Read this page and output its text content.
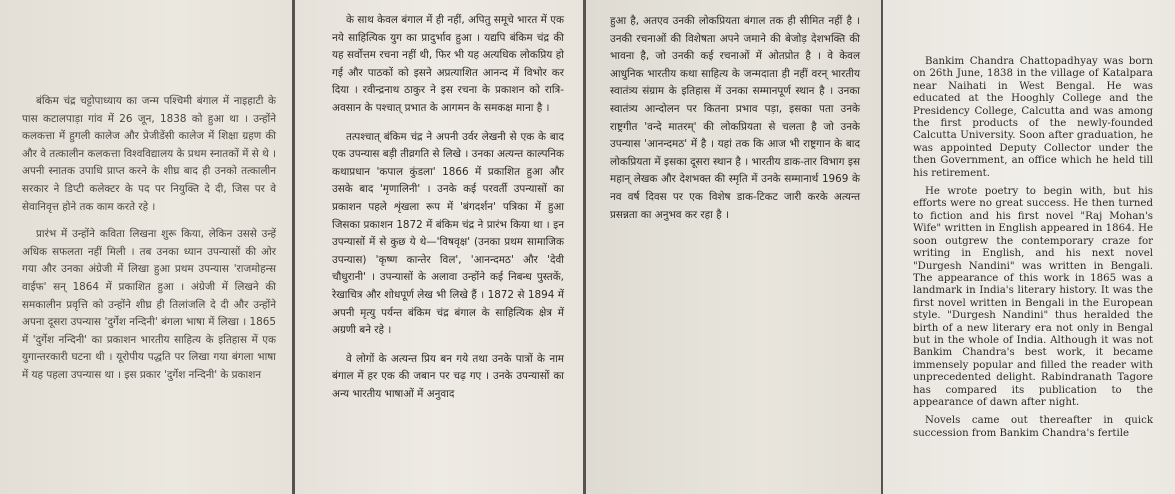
बंकिम चंद्र चट्टोपाध्याय का जन्म पश्चिमी बंगाल में नाइहाटी के पास कटालपाड़ा गांव में 26 जून, 1838 को हुआ था । उन्होंने कलकत्ता में हुगली कालेज और प्रेजीडेंसी कालेज में शिक्षा ग्रहण की और वे तत्कालीन कलकत्ता विश्वविद्यालय के प्रथम स्नातकों में से थे । अपनी स्नातक उपाधि प्राप्त करने के शीघ्र बाद ही उनको तत्कालीन सरकार ने डिप्टी कलेक्टर के पद पर नियुक्ति दे दी, जिस पर वे सेवानिवृत्त होने तक काम करते रहे ।

प्रारंभ में उन्होंने कविता लिखना शुरू किया, लेकिन उससे उन्हें अधिक सफलता नहीं मिली । तब उनका ध्यान उपन्यासों की ओर गया और उनका अंग्रेजी में लिखा हुआ प्रथम उपन्यास 'राजमोहन्स वाईफ' सन् 1864 में प्रकाशित हुआ । अंग्रेजी में लिखने की समकालीन प्रवृत्ति को उन्होंने शीघ्र ही तिलांजलि दे दी और उन्होंने अपना दूसरा उपन्यास 'दुर्गेश नन्दिनी' बंगला भाषा में लिखा । 1865 में 'दुर्गेश नन्दिनी' का प्रकाशन भारतीय साहित्य के इतिहास में एक युगान्तरकारी घटना थी । यूरोपीय पद्धति पर लिखा गया बंगला भाषा में यह पहला उपन्यास था । इस प्रकार 'दुर्गेश नन्दिनी' के प्रकाशन

के साथ केवल बंगाल में ही नहीं, अपितु समूचे भारत में एक नये साहित्यिक युग का प्रादुर्भाव हुआ । यद्यपि बंकिम चंद्र की यह सर्वोत्तम रचना नहीं थी, फिर भी यह अत्यधिक लोकप्रिय हो गई और पाठकों को इसने अप्रत्याशित आनन्द में विभोर कर दिया । रवीन्द्रनाथ ठाकुर ने इस रचना के प्रकाशन को रात्रि-अवसान के पश्चात् प्रभात के आगमन के समकक्ष माना है ।

तत्पश्चात् बंकिम चंद्र ने अपनी उर्वर लेखनी से एक के बाद एक उपन्यास बड़ी तीव्रगति से लिखे । उनका अत्यन्त काल्पनिक कथाप्रधान 'कपाल कुंडला' 1866 में प्रकाशित हुआ और उसके बाद 'मृणालिनी' । उनके कई परवर्ती उपन्यासों का प्रकाशन पहले शृंखला रूप में 'बंगदर्शन' पत्रिका में हुआ जिसका प्रकाशन 1872 में बंकिम चंद्र ने प्रारंभ किया था । इन उपन्यासों में से कुछ ये थे—'विषवृक्ष' (उनका प्रथम सामाजिक उपन्यास) 'कृष्ण कान्तेर विल', 'आनन्दमठ' और 'देवी चौधुरानी' । उपन्यासों के अलावा उन्होंने कई निबन्ध पुस्तकें, रेखाचित्र और शोधपूर्ण लेख भी लिखे हैं । 1872 से 1894 में अपनी मृत्यु पर्यन्त बंकिम चंद्र बंगाल के साहित्यिक क्षेत्र में अग्रणी बने रहे ।

वे लोगों के अत्यन्त प्रिय बन गये तथा उनके पात्रों के नाम बंगाल में हर एक की जबान पर चढ़ गए । उनके उपन्यासों का अन्य भारतीय भाषाओं में अनुवाद

हुआ है, अतएव उनकी लोकप्रियता बंगाल तक ही सीमित नहीं है । उनकी रचनाओं की विशेषता अपने जमाने की बेजोड़ देशभक्ति की भावना है, जो उनकी कई रचनाओं में ओतप्रोत है । वे केवल आधुनिक भारतीय कथा साहित्य के जन्मदाता ही नहीं वरन् भारतीय स्वातंत्र्य संग्राम के इतिहास में उनका सम्मानपूर्ण स्थान है । उनका स्वातंत्र्य आन्दोलन पर कितना प्रभाव पड़ा, इसका पता उनके राष्ट्रगीत 'वन्दे मातरम्' की लोकप्रियता से चलता है जो उनके उपन्यास 'आनन्दमठ' में है । यहां तक कि आज भी राष्ट्रगान के बाद लोकप्रियता में इसका दूसरा स्थान है । भारतीय डाक-तार विभाग इस महान् लेखक और देशभक्त की स्मृति में उनके सम्मानार्थ 1969 के नव वर्ष दिवस पर एक विशेष डाक-टिकट जारी करके अत्यन्त प्रसन्नता का अनुभव कर रहा है ।

Bankim Chandra Chattopadhyay was born on 26th June, 1838 in the village of Katalpara near Naihati in West Bengal. He was educated at the Hooghly College and the Presidency College, Calcutta and was among the first products of the newly-founded Calcutta University. Soon after graduation, he was appointed Deputy Collector under the then Government, an office which he held till his retirement.

He wrote poetry to begin with, but his efforts were no great success. He then turned to fiction and his first novel "Raj Mohan's Wife" written in English appeared in 1864. He soon outgrew the contemporary craze for writing in English, and his next novel "Durgesh Nandini" was written in Bengali. The appearance of this work in 1865 was a landmark in India's literary history. It was the first novel written in Bengali in the European style. "Durgesh Nandini" thus heralded the birth of a new literary era not only in Bengal but in the whole of India. Although it was not Bankim Chandra's best work, it became immensely popular and filled the reader with unprecedented delight. Rabindranath Tagore has compared its publication to the appearance of dawn after night.

Novels came out thereafter in quick succession from Bankim Chandra's fertile
